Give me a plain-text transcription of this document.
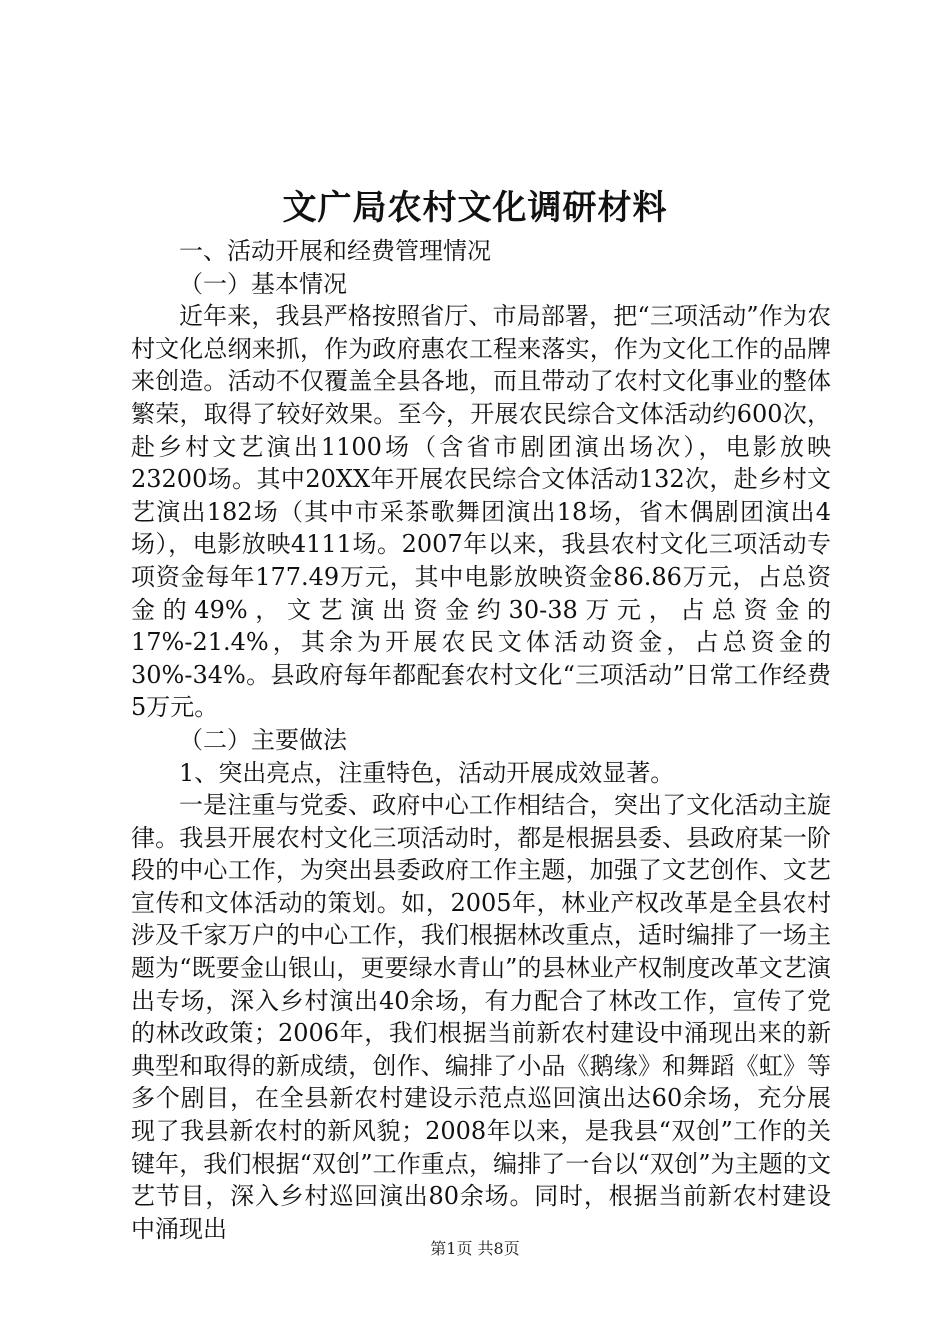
文广局农村文化调研材料

一、活动开展和经费管理情况

（一）基本情况

近年来，我县严格按照省厅、市局部署，把“三项活动”作为农村文化总纲来抓，作为政府惠农工程来落实，作为文化工作的品牌来创造。活动不仅覆盖全县各地，而且带动了农村文化事业的整体繁荣，取得了较好效果。至今，开展农民综合文体活动约600次，赴乡村文艺演出1100场（含省市剧团演出场次），电影放映23200场。其中20XX年开展农民综合文体活动132次，赴乡村文艺演出182场（其中市采茶歌舞团演出18场，省木偶剧团演出4场），电影放映4111场。2007年以来，我县农村文化三项活动专项资金每年177.49万元，其中电影放映资金86.86万元，占总资金的49%，文艺演出资金约30-38万元，占总资金的17%-21.4%，其余为开展农民文体活动资金，占总资金的30%-34%。县政府每年都配套农村文化“三项活动”日常工作经费5万元。

（二）主要做法

1、突出亮点，注重特色，活动开展成效显著。

一是注重与党委、政府中心工作相结合，突出了文化活动主旋律。我县开展农村文化三项活动时，都是根据县委、县政府某一阶段的中心工作，为突出县委政府工作主题，加强了文艺创作、文艺宣传和文体活动的策划。如，2005年，林业产权改革是全县农村涉及千家万户的中心工作，我们根据林改重点，适时编排了一场主题为“既要金山银山，更要绿水青山”的县林业产权制度改革文艺演出专场，深入乡村演出40余场，有力配合了林改工作，宣传了党的林改政策；2006年，我们根据当前新农村建设中涌现出来的新典型和取得的新成绩，创作、编排了小品《鹅缘》和舞蹈《虹》等多个剧目，在全县新农村建设示范点巡回演出达60余场，充分展现了我县新农村的新风貌；2008年以来，是我县“双创”工作的关键年，我们根据“双创”工作重点，编排了一台以“双创”为主题的文艺节目，深入乡村巡回演出80余场。同时，根据当前新农村建设中涌现出

第1页 共8页
